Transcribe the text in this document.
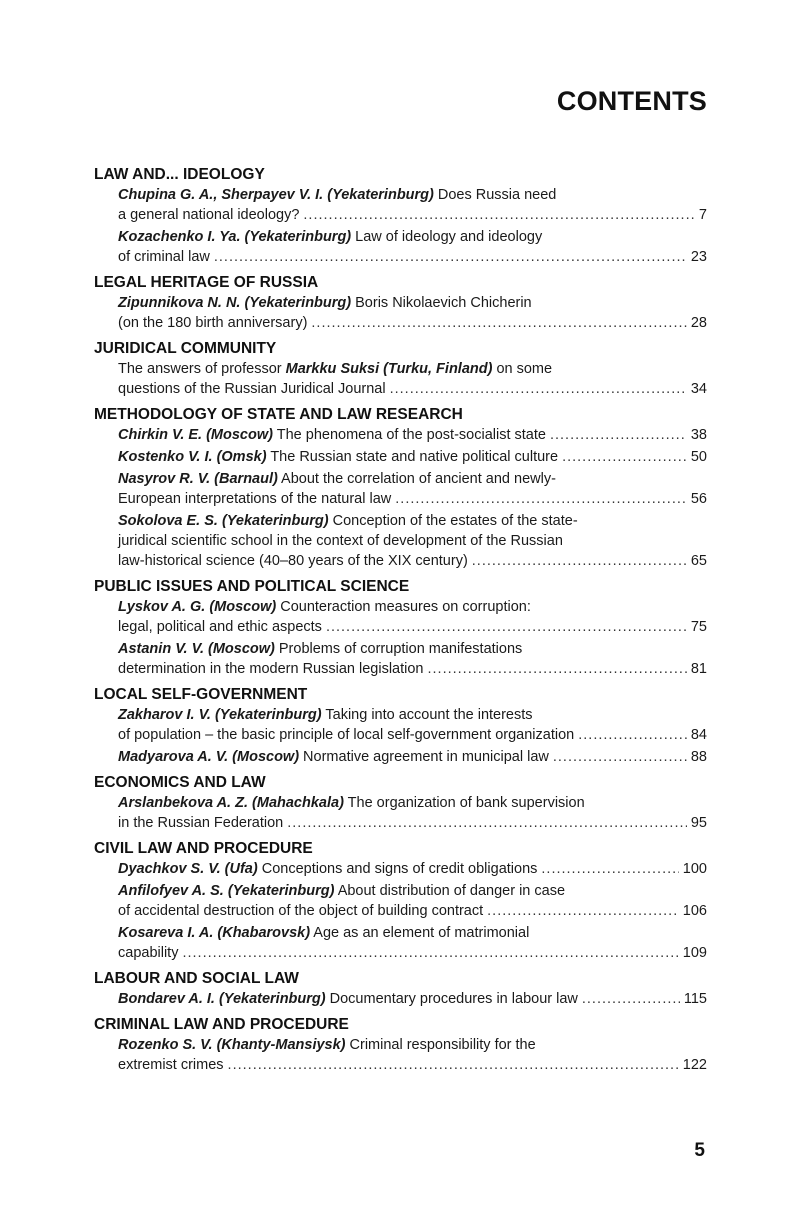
CONTENTS
LAW AND... IDEOLOGY
Chupina G. A., Sherpayev V. I. (Yekaterinburg) Does Russia need
a general national ideology? .....	7
Kozachenko I. Ya. (Yekaterinburg) Law of ideology and ideology
of criminal law .....	23
LEGAL HERITAGE OF RUSSIA
Zipunnikova N. N. (Yekaterinburg) Boris Nikolaevich Chicherin
(on the 180 birth anniversary) .....	28
JURIDICAL COMMUNITY
The answers of professor Markku Suksi (Turku, Finland) on some
questions of the Russian Juridical Journal .....	34
METHODOLOGY OF STATE AND LAW RESEARCH
Chirkin V. E. (Moscow) The phenomena of the post-socialist state .....	38
Kostenko V. I. (Omsk) The Russian state and native political culture .....	50
Nasyrov R. V. (Barnaul) About the correlation of ancient and newly-
European interpretations of the natural law .....	56
Sokolova E. S. (Yekaterinburg) Conception of the estates of the state-
juridical scientific school in the context of development of the Russian
law-historical science (40–80 years of the XIX century) .....	65
PUBLIC ISSUES AND POLITICAL SCIENCE
Lyskov A. G. (Moscow) Counteraction measures on corruption:
legal, political and ethic aspects .....	75
Astanin V. V. (Moscow) Problems of corruption manifestations
determination in the modern Russian legislation .....	81
LOCAL SELF-GOVERNMENT
Zakharov I. V. (Yekaterinburg) Taking into account the interests
of population – the basic principle of local self-government organization .....	84
Madyarova A. V. (Moscow) Normative agreement in municipal law .....	88
ECONOMICS AND LAW
Arslanbekova A. Z. (Mahachkala) The organization of bank supervision
in the Russian Federation .....	95
CIVIL LAW AND PROCEDURE
Dyachkov S. V. (Ufa) Conceptions and signs of credit obligations .....	100
Anfilofyev A. S. (Yekaterinburg) About distribution of danger in case
of accidental destruction of the object of building contract .....	106
Kosareva I. A. (Khabarovsk) Age as an element of matrimonial
capability .....	109
LABOUR AND SOCIAL LAW
Bondarev A. I. (Yekaterinburg) Documentary procedures in labour law .....	115
CRIMINAL LAW AND PROCEDURE
Rozenko S. V. (Khanty-Mansiysk) Criminal responsibility for the
extremist crimes .....	122
5
